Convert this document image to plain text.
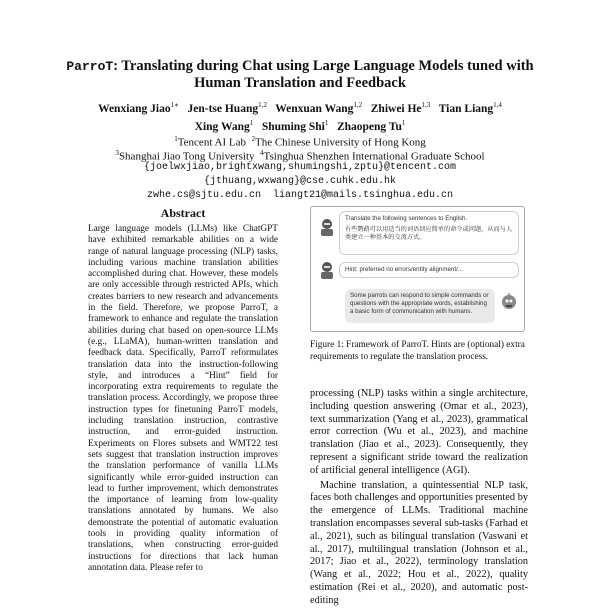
ParroT: Translating during Chat using Large Language Models tuned with
Human Translation and Feedback
Wenxiang Jiao$^{1∗}$ Jen-tse Huang$^{1,2}$ Wenxuan Wang$^{1,2}$ Zhiwei He$^{1,3}$ Tian Liang$^{1,4}$
Xing Wang$^1$ Shuming Shi$^1$ Zhaopeng Tu$^1$
$^1$Tencent AI Lab $^2$The Chinese University of Hong Kong
$^3$Shanghai Jiao Tong University $^4$Tsinghua Shenzhen International Graduate School
{joelwxjiao,brightxwang,shumingshi,zptu}@tencent.com
{jthuang,wxwang}@cse.cuhk.edu.hk
zwhe.cs@sjtu.edu.cn  liangt21@mails.tsinghua.edu.cn
Abstract
Large language models (LLMs) like ChatGPT have exhibited remarkable abilities on a wide range of natural language processing (NLP) tasks, including various machine translation abilities accomplished during chat. However, these models are only accessible through restricted APIs, which creates barriers to new research and advancements in the field. Therefore, we propose ParroT, a framework to enhance and regulate the translation abilities during chat based on open-source LLMs (e.g., LLaMA), human-written translation and feedback data. Specifically, ParroT reformulates translation data into the instruction-following style, and introduces a “Hint” field for incorporating extra requirements to regulate the translation process. Accordingly, we propose three instruction types for finetuning ParroT models, including translation instruction, contrastive instruction, and error-guided instruction. Experiments on Flores subsets and WMT22 test sets suggest that translation instruction improves the translation performance of vanilla LLMs significantly while error-guided instruction can lead to further improvement, which demonstrates the importance of learning from low-quality translations annotated by humans. We also demonstrate the potential of automatic evaluation tools in providing quality information of translations, when constructing error-guided instructions for directions that lack human annotation data. Please refer to
Translate the following sentences to English.
有些鹦鹉可以用适当的词语回应简单的命令或问题，从而与人类建立一种基本的交流方式。
Hint: preferred no errors/entity alignment/...
Some parrots can respond to simple commands or questions with the appropriate words, establishing a basic form of communication with humans.
Figure 1: Framework of ParroT. Hints are (optional) extra requirements to regulate the translation process.

processing (NLP) tasks within a single architecture, including question answering (Omar et al., 2023), text summarization (Yang et al., 2023), grammatical error correction (Wu et al., 2023), and machine translation (Jiao et al., 2023). Consequently, they represent a significant stride toward the realization of artificial general intelligence (AGI).

Machine translation, a quintessential NLP task, faces both challenges and opportunities presented by the emergence of LLMs. Traditional machine translation encompasses several sub-tasks (Farhad et al., 2021), such as bilingual translation (Vaswani et al., 2017), multilingual translation (Johnson et al., 2017; Jiao et al., 2022), terminology translation (Wang et al., 2022; Hou et al., 2022), quality estimation (Rei et al., 2020), and automatic post-editing
